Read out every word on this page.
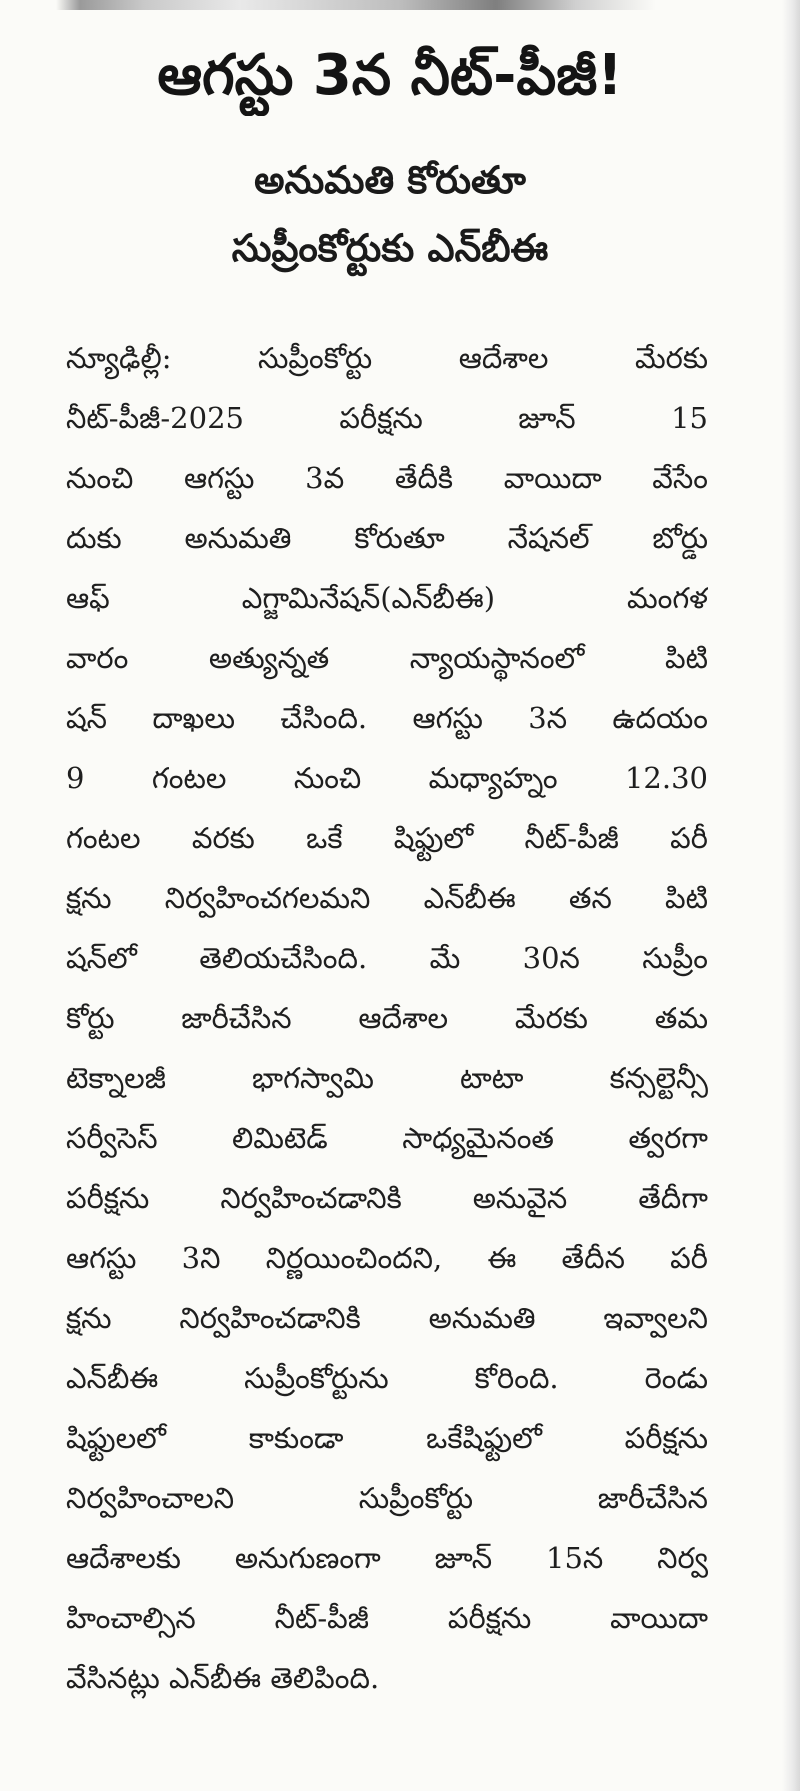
ఆగస్టు 3న నీట్-పీజీ!
అనుమతి కోరుతూ
సుప్రీంకోర్టుకు ఎన్‌బీఈ
న్యూఢిల్లీ: సుప్రీంకోర్టు ఆదేశాల మేరకు
నీట్-పీజీ-2025 పరీక్షను జూన్ 15
నుంచి ఆగస్టు 3వ తేదీకి వాయిదా వేసేం
దుకు అనుమతి కోరుతూ నేషనల్ బోర్డు
ఆఫ్ ఎగ్జామినేషన్(ఎన్‌బీఈ) మంగళ
వారం అత్యున్నత న్యాయస్థానంలో పిటి
షన్ దాఖలు చేసింది. ఆగస్టు 3న ఉదయం
9 గంటల నుంచి మధ్యాహ్నం 12.30
గంటల వరకు ఒకే షిఫ్టులో నీట్-పీజీ పరీ
క్షను నిర్వహించగలమని ఎన్‌బీఈ తన పిటి
షన్‌లో తెలియచేసింది. మే 30న సుప్రీం
కోర్టు జారీచేసిన ఆదేశాల మేరకు తమ
టెక్నాలజీ భాగస్వామి టాటా కన్సల్టెన్సీ
సర్వీసెస్ లిమిటెడ్ సాధ్యమైనంత త్వరగా
పరీక్షను నిర్వహించడానికి అనువైన తేదీగా
ఆగస్టు 3ని నిర్ణయించిందని, ఈ తేదీన పరీ
క్షను నిర్వహించడానికి అనుమతి ఇవ్వాలని
ఎన్‌బీఈ సుప్రీంకోర్టును కోరింది. రెండు
షిఫ్టులలో కాకుండా ఒకేషిఫ్టులో పరీక్షను
నిర్వహించాలని సుప్రీంకోర్టు జారీచేసిన
ఆదేశాలకు అనుగుణంగా జూన్ 15న నిర్వ
హించాల్సిన నీట్-పీజీ పరీక్షను వాయిదా
వేసినట్లు ఎన్‌బీఈ తెలిపింది.
